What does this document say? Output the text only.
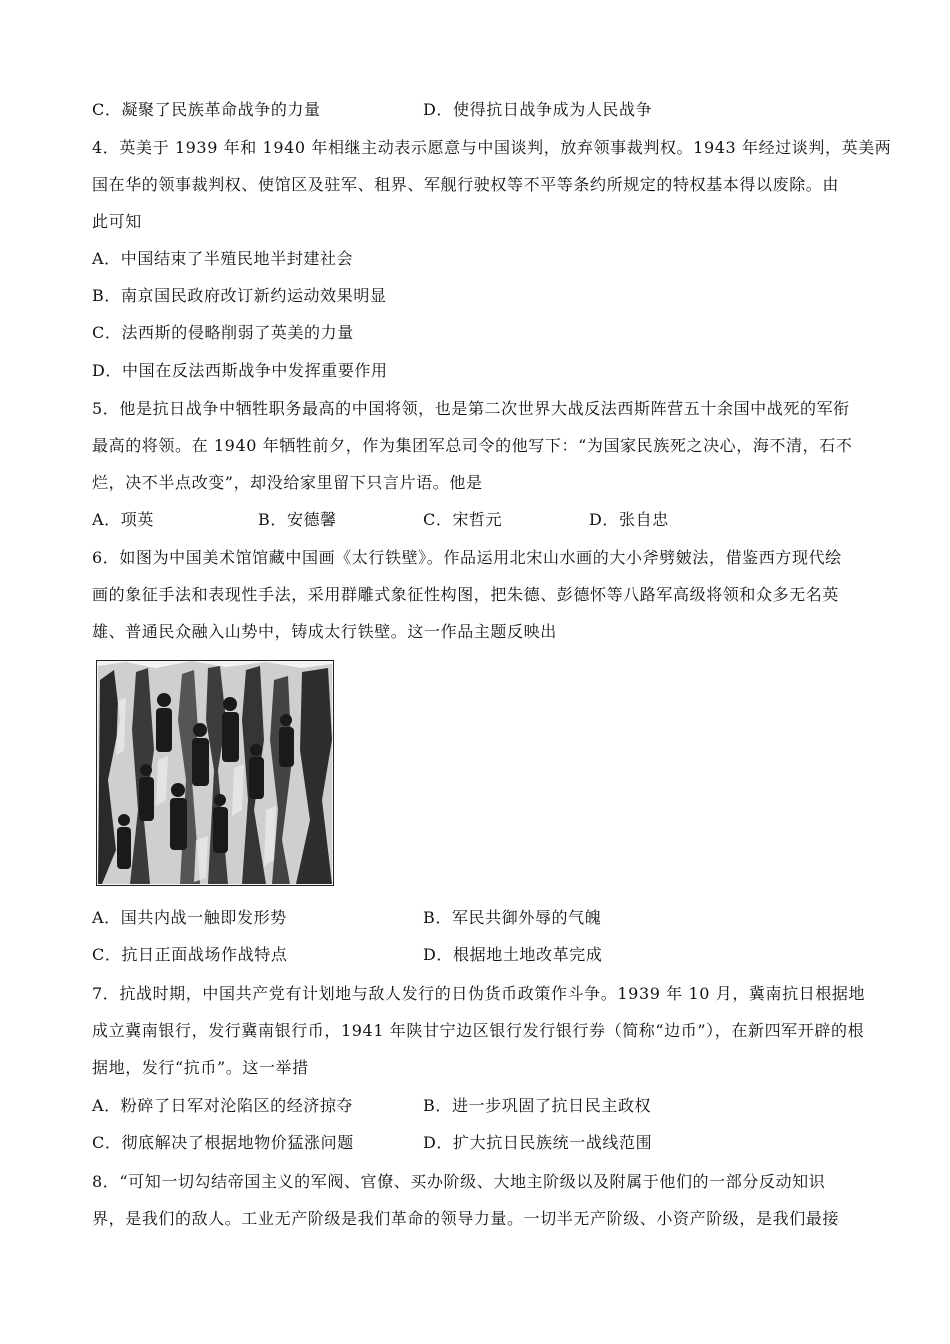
C．凝聚了民族革命战争的力量	D．使得抗日战争成为人民战争
4．英美于 1939 年和 1940 年相继主动表示愿意与中国谈判，放弃领事裁判权。1943 年经过谈判，英美两
国在华的领事裁判权、使馆区及驻军、租界、军舰行驶权等不平等条约所规定的特权基本得以废除。由
此可知
A．中国结束了半殖民地半封建社会
B．南京国民政府改订新约运动效果明显
C．法西斯的侵略削弱了英美的力量
D．中国在反法西斯战争中发挥重要作用
5．他是抗日战争中牺牲职务最高的中国将领，也是第二次世界大战反法西斯阵营五十余国中战死的军衔
最高的将领。在 1940 年牺牲前夕，作为集团军总司令的他写下：“为国家民族死之决心，海不清，石不
烂，决不半点改变”，却没给家里留下只言片语。他是
A．项英	B．安德馨	C．宋哲元	D．张自忠
6．如图为中国美术馆馆藏中国画《太行铁壁》。作品运用北宋山水画的大小斧劈皴法，借鉴西方现代绘
画的象征手法和表现性手法，采用群雕式象征性构图，把朱德、彭德怀等八路军高级将领和众多无名英
雄、普通民众融入山势中，铸成太行铁壁。这一作品主题反映出
A．国共内战一触即发形势	B．军民共御外辱的气魄
C．抗日正面战场作战特点	D．根据地土地改革完成
7．抗战时期，中国共产党有计划地与敌人发行的日伪货币政策作斗争。1939 年 10 月，冀南抗日根据地
成立冀南银行，发行冀南银行币，1941 年陕甘宁边区银行发行银行券（简称“边币”），在新四军开辟的根
据地，发行“抗币”。这一举措
A．粉碎了日军对沦陷区的经济掠夺	B．进一步巩固了抗日民主政权
C．彻底解决了根据地物价猛涨问题	D．扩大抗日民族统一战线范围
8．“可知一切勾结帝国主义的军阀、官僚、买办阶级、大地主阶级以及附属于他们的一部分反动知识
界，是我们的敌人。工业无产阶级是我们革命的领导力量。一切半无产阶级、小资产阶级，是我们最接
